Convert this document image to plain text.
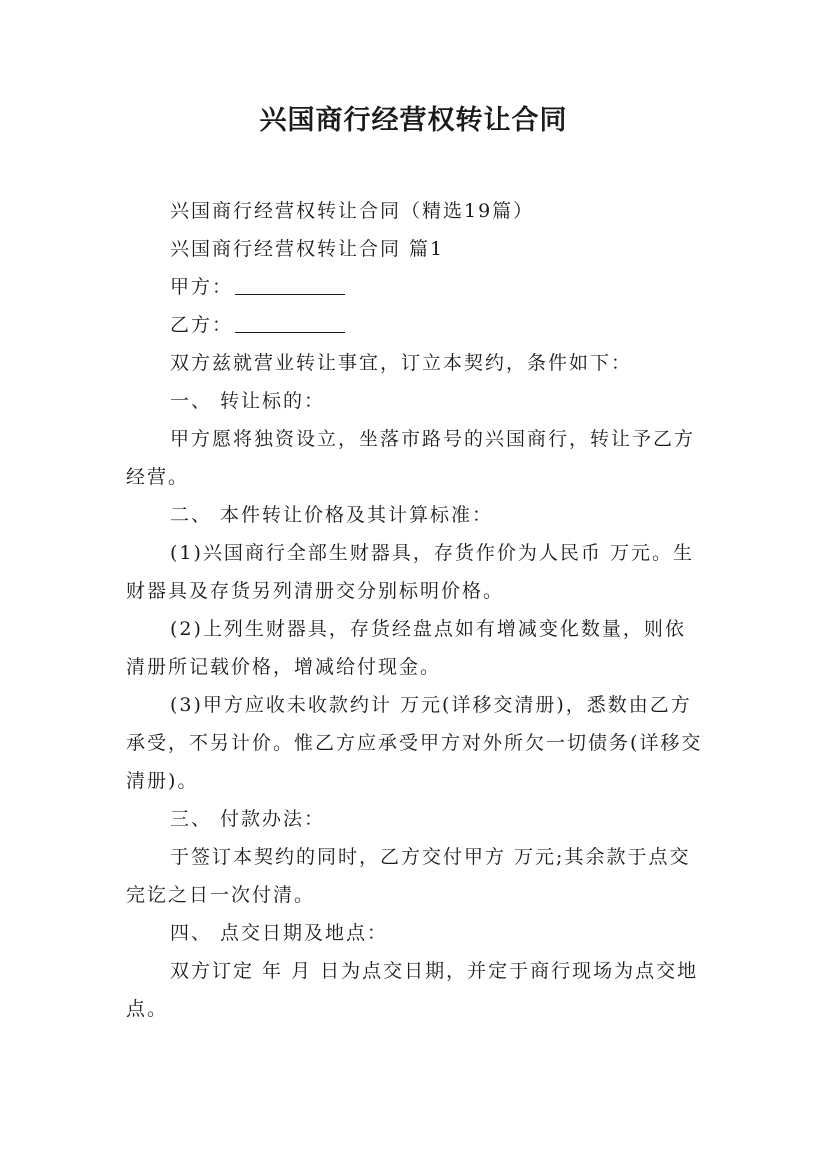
兴国商行经营权转让合同

兴国商行经营权转让合同（精选19篇）

兴国商行经营权转让合同 篇1

甲方：

乙方：

双方兹就营业转让事宜，订立本契约，条件如下：

一、 转让标的：

甲方愿将独资设立，坐落市路号的兴国商行，转让予乙方经营。

二、 本件转让价格及其计算标准：

(1)兴国商行全部生财器具，存货作价为人民币 万元。生财器具及存货另列清册交分别标明价格。

(2)上列生财器具，存货经盘点如有增减变化数量，则依清册所记载价格，增减给付现金。

(3)甲方应收未收款约计 万元(详移交清册)，悉数由乙方承受，不另计价。惟乙方应承受甲方对外所欠一切债务(详移交清册)。

三、 付款办法：

于签订本契约的同时，乙方交付甲方 万元;其余款于点交完讫之日一次付清。

四、 点交日期及地点：

双方订定 年 月 日为点交日期，并定于商行现场为点交地点。
